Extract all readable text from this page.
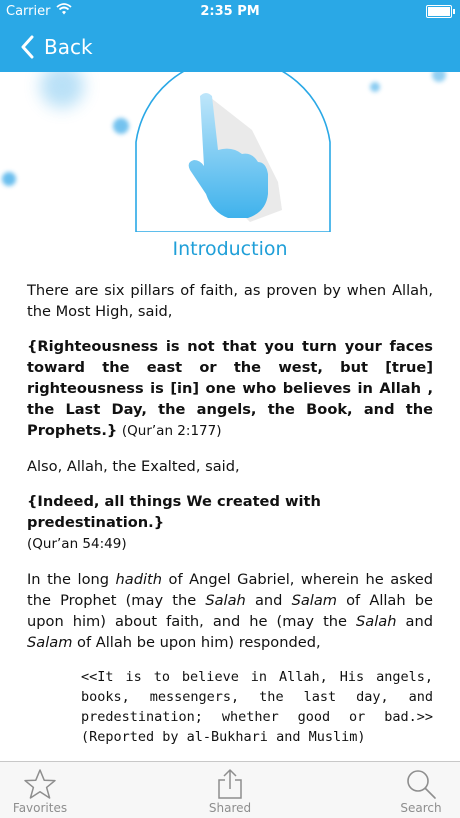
Carrier	2:35 PM
Back
Introduction

There are six pillars of faith, as proven by when Allah, the Most High, said,

{Righteousness is not that you turn your faces toward the east or the west, but [true] righteousness is [in] one who believes in Allah , the Last Day, the angels, the Book, and the Prophets.} (Qur’an 2:177)

Also, Allah, the Exalted, said,

{Indeed, all things We created with predestination.}
(Qur’an 54:49)

In the long hadith of Angel Gabriel, wherein he asked the Prophet (may the Salah and Salam of Allah be upon him) about faith, and he (may the Salah and Salam of Allah be upon him) responded,

<<It is to believe in Allah, His angels, books, messengers, the last day, and predestination; whether good or bad.>> (Reported by al-Bukhari and Muslim)

Favorites	Shared	Search
